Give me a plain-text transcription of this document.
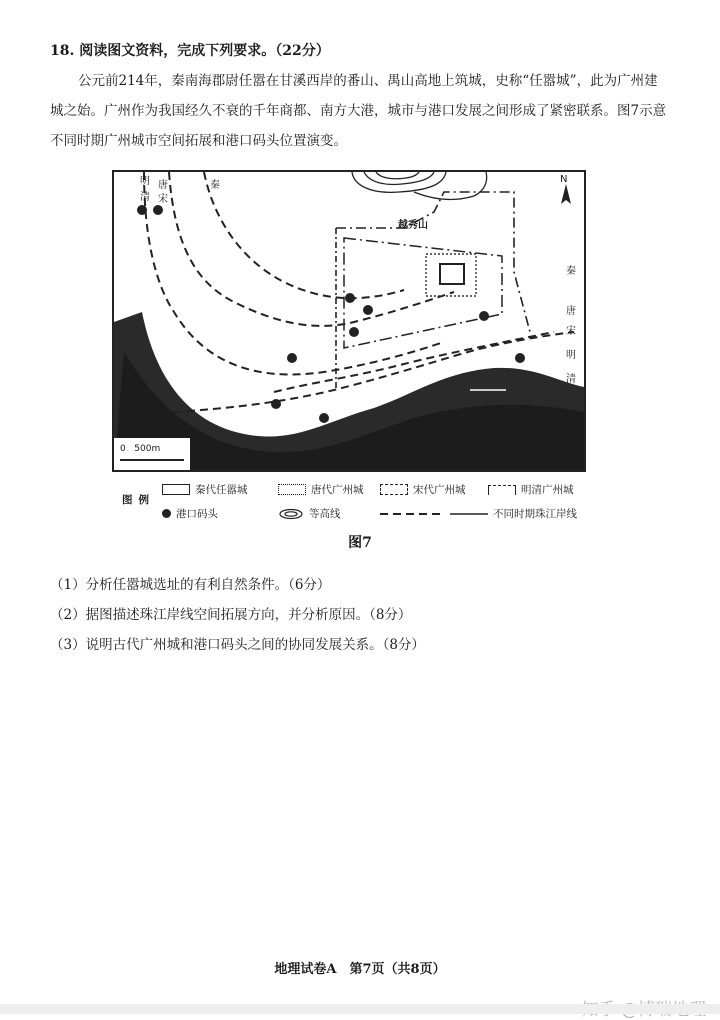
18. 阅读图文资料，完成下列要求。（22分）

公元前214年，秦南海郡尉任嚣在甘溪西岸的番山、禺山高地上筑城，史称“任嚣城”，此为广州建城之始。广州作为我国经久不衰的千年商都、南方大港，城市与港口发展之间形成了紧密联系。图7示意不同时期广州城市空间拓展和港口码头位置演变。

N
越秀山
0   500m
明
清
唐
宋
秦
秦
唐
宋
明
清
图例
秦代任嚣城	唐代广州城	宋代广州城	明清广州城
港口码头	等高线	不同时期珠江岸线
图7
（1）分析任嚣城选址的有利自然条件。（6分）
（2）据图描述珠江岸线空间拓展方向，并分析原因。（8分）
（3）说明古代广州城和港口码头之间的协同发展关系。（8分）
地理试卷A　第7页（共8页）
